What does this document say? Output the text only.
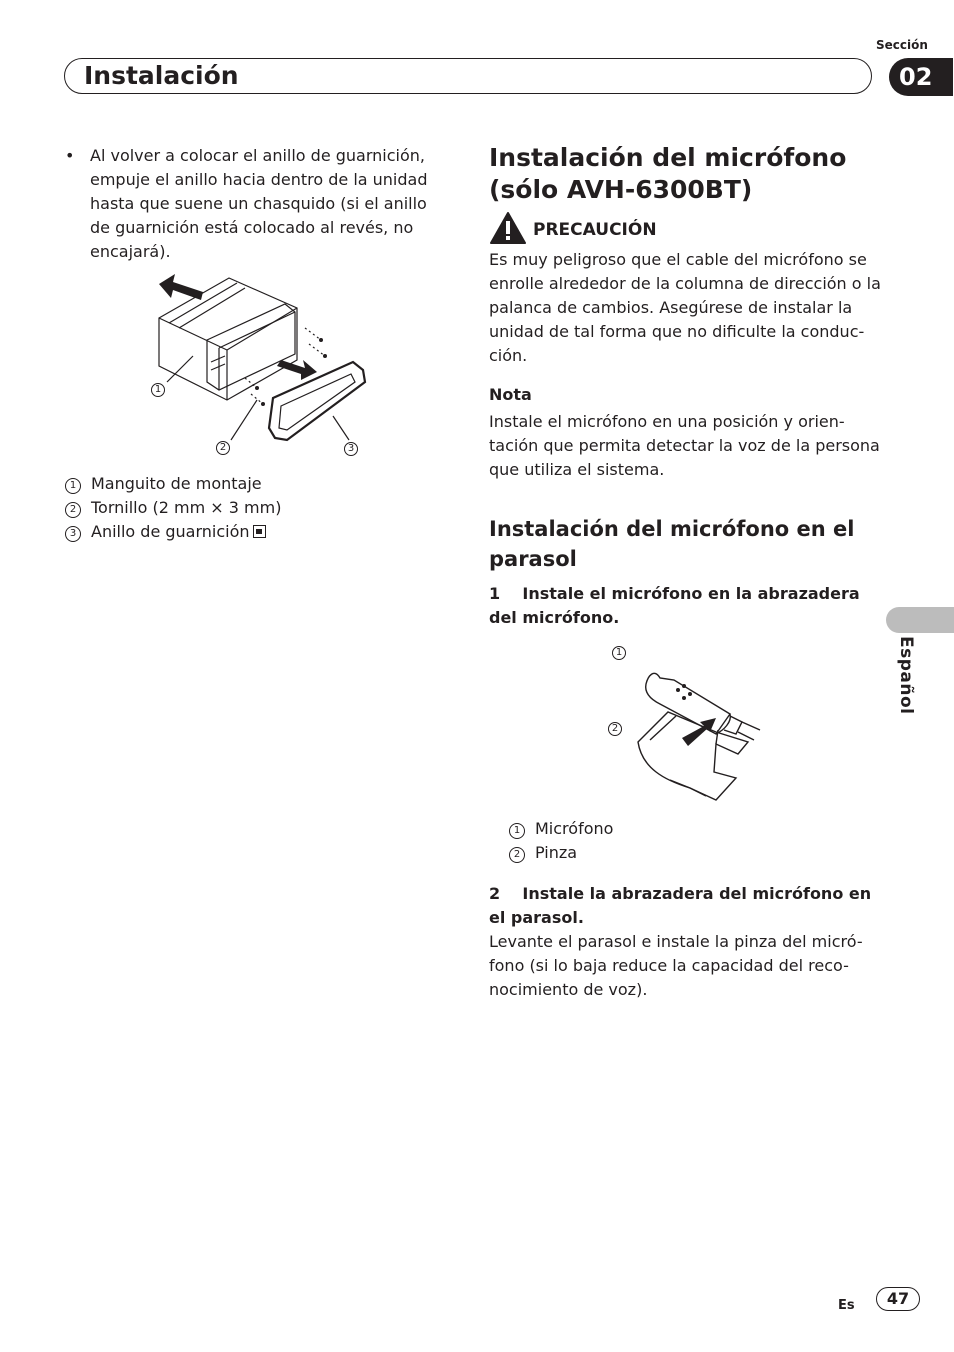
Sección
Instalación	02
Español
• Al volver a colocar el anillo de guarnición, empuje el anillo hacia dentro de la unidad hasta que suene un chasquido (si el anillo de guarnición está colocado al revés, no encajará).
1
2	3
1 Manguito de montaje
2 Tornillo (2 mm × 3 mm)
3 Anillo de guarnición
Instalación del micrófono
(sólo AVH-6300BT)
PRECAUCIÓN
Es muy peligroso que el cable del micrófono se
enrolle alrededor de la columna de dirección o la
palanca de cambios. Asegúrese de instalar la
unidad de tal forma que no dificulte la conduc-
ción.
Nota
Instale el micrófono en una posición y orien-
tación que permita detectar la voz de la persona
que utiliza el sistema.
Instalación del micrófono en el
parasol
1    Instale el micrófono en la abrazadera
del micrófono.
1
2
1 Micrófono
2 Pinza
2    Instale la abrazadera del micrófono en
el parasol.
Levante el parasol e instale la pinza del micró-
fono (si lo baja reduce la capacidad del reco-
nocimiento de voz).
Es	47
